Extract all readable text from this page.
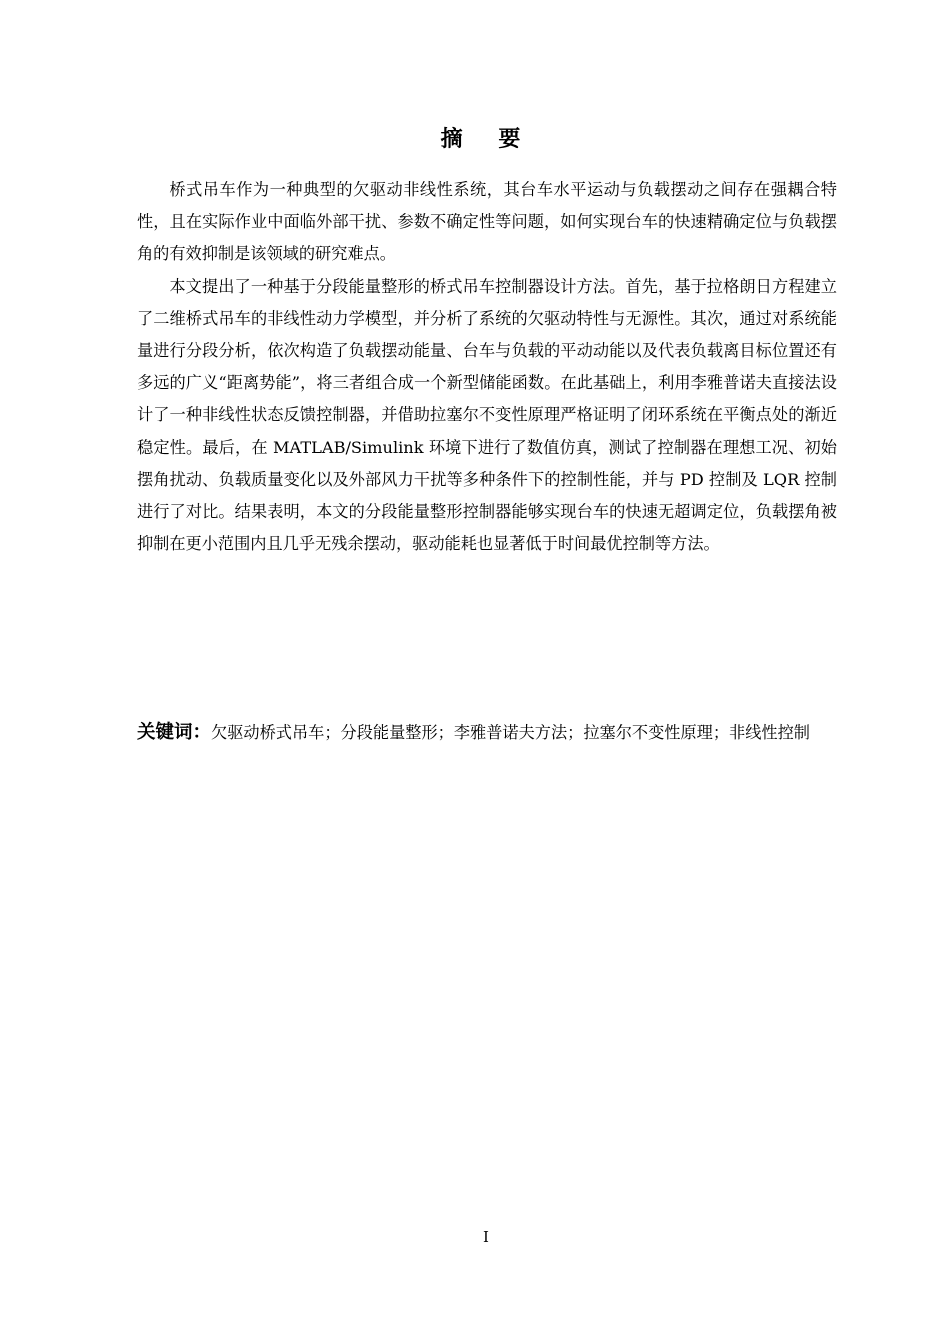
摘 要

桥式吊车作为一种典型的欠驱动非线性系统，其台车水平运动与负载摆动之间存在强耦合特性，且在实际作业中面临外部干扰、参数不确定性等问题，如何实现台车的快速精确定位与负载摆角的有效抑制是该领域的研究难点。

本文提出了一种基于分段能量整形的桥式吊车控制器设计方法。首先，基于拉格朗日方程建立了二维桥式吊车的非线性动力学模型，并分析了系统的欠驱动特性与无源性。其次，通过对系统能量进行分段分析，依次构造了负载摆动能量、台车与负载的平动动能以及代表负载离目标位置还有多远的广义“距离势能”，将三者组合成一个新型储能函数。在此基础上，利用李雅普诺夫直接法设计了一种非线性状态反馈控制器，并借助拉塞尔不变性原理严格证明了闭环系统在平衡点处的渐近稳定性。最后，在 MATLAB/Simulink 环境下进行了数值仿真，测试了控制器在理想工况、初始摆角扰动、负载质量变化以及外部风力干扰等多种条件下的控制性能，并与 PD 控制及 LQR 控制进行了对比。结果表明，本文的分段能量整形控制器能够实现台车的快速无超调定位，负载摆角被抑制在更小范围内且几乎无残余摆动，驱动能耗也显著低于时间最优控制等方法。

关键词：欠驱动桥式吊车；分段能量整形；李雅普诺夫方法；拉塞尔不变性原理；非线性控制
I
